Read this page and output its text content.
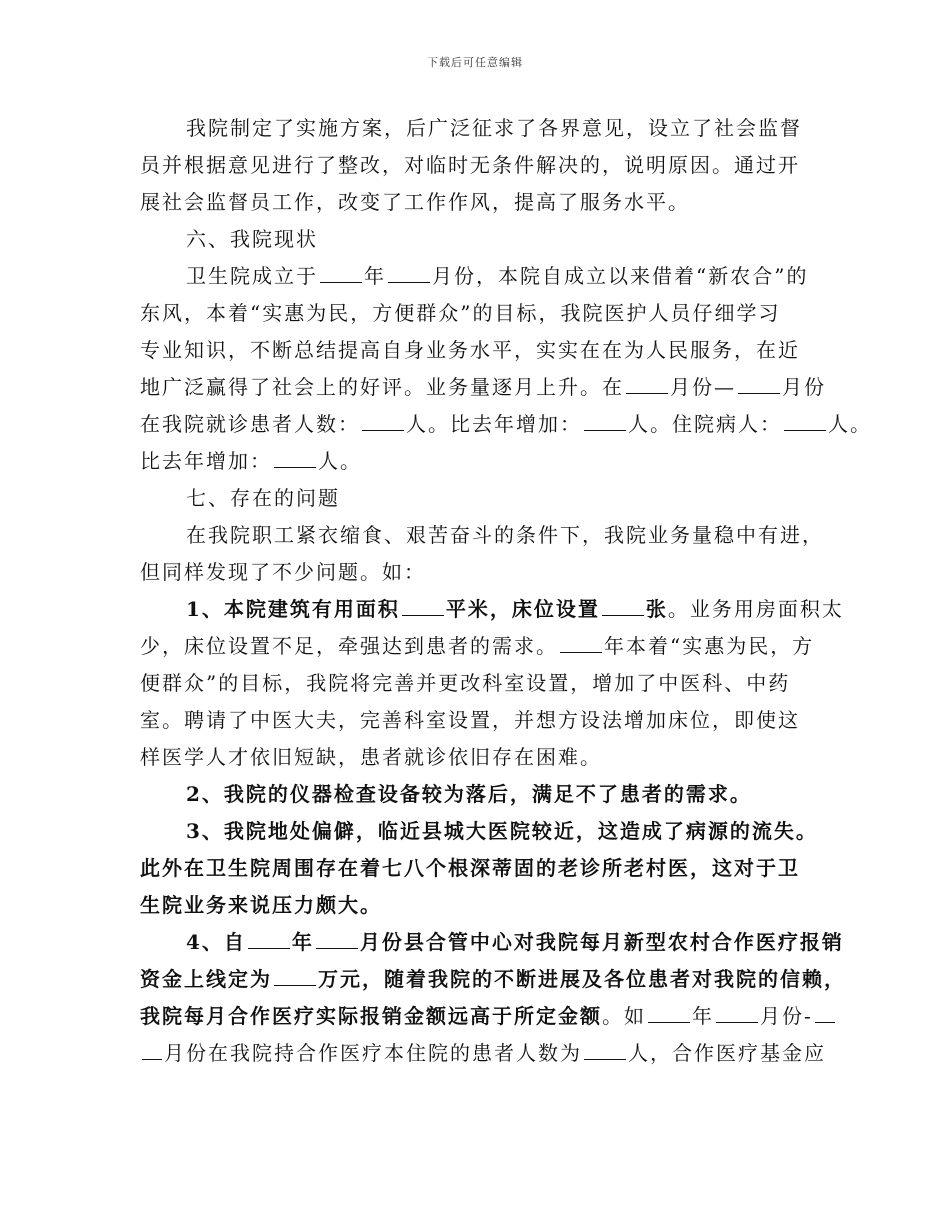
下载后可任意编辑
我院制定了实施方案，后广泛征求了各界意见，设立了社会监督
员并根据意见进行了整改，对临时无条件解决的，说明原因。通过开
展社会监督员工作，改变了工作作风，提高了服务水平。
六、我院现状
卫生院成立于 年 月份，本院自成立以来借着“新农合”的
东风，本着“实惠为民，方便群众”的目标，我院医护人员仔细学习
专业知识，不断总结提高自身业务水平，实实在在为人民服务，在近
地广泛赢得了社会上的好评。业务量逐月上升。在 月份— 月份
在我院就诊患者人数： 人。比去年增加： 人。住院病人： 人。
比去年增加： 人。
七、存在的问题
在我院职工紧衣缩食、艰苦奋斗的条件下，我院业务量稳中有进，
但同样发现了不少问题。如：
1、本院建筑有用面积 平米，床位设置 张。业务用房面积太
少，床位设置不足，牵强达到患者的需求。 年本着“实惠为民，方
便群众”的目标，我院将完善并更改科室设置，增加了中医科、中药
室。聘请了中医大夫，完善科室设置，并想方设法增加床位，即使这
样医学人才依旧短缺，患者就诊依旧存在困难。
2、我院的仪器检查设备较为落后，满足不了患者的需求。
3、我院地处偏僻，临近县城大医院较近，这造成了病源的流失。
此外在卫生院周围存在着七八个根深蒂固的老诊所老村医，这对于卫
生院业务来说压力颇大。
4、自 年 月份县合管中心对我院每月新型农村合作医疗报销
资金上线定为 万元，随着我院的不断进展及各位患者对我院的信赖，
我院每月合作医疗实际报销金额远高于所定金额。如 年 月份-
月份在我院持合作医疗本住院的患者人数为 人，合作医疗基金应
